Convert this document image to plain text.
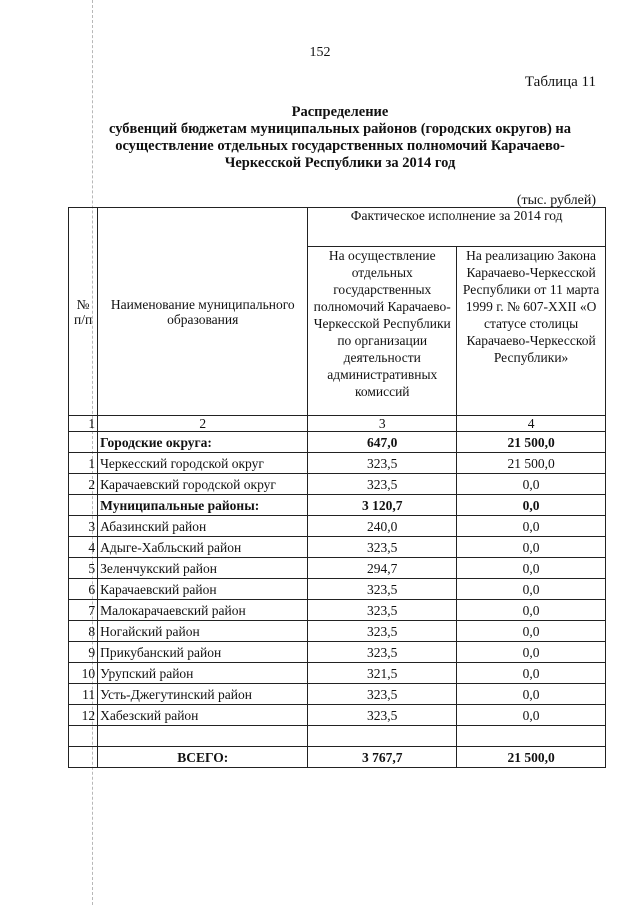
152
Таблица 11
Распределение
субвенций бюджетам муниципальных районов (городских округов) на
осуществление отдельных государственных полномочий Карачаево-
Черкесской Республики за 2014 год
(тыс. рублей)
№ п/п	Наименование муниципального образования	Фактическое исполнение за 2014 год	
		На осуществление отдельных государственных полномочий Карачаево-Черкесской Республики по организации деятельности административных комиссий	На реализацию Закона Карачаево-Черкесской Республики от 11 марта 1999 г. № 607-XXII «О статусе столицы Карачаево-Черкесской Республики»
1	2	3	4
	Городские округа:	647,0	21 500,0
1	Черкесский городской округ	323,5	21 500,0
2	Карачаевский городской округ	323,5	0,0
	Муниципальные районы:	3 120,7	0,0
3	Абазинский район	240,0	0,0
4	Адыге-Хабльский район	323,5	0,0
5	Зеленчукский район	294,7	0,0
6	Карачаевский район	323,5	0,0
7	Малокарачаевский район	323,5	0,0
8	Ногайский район	323,5	0,0
9	Прикубанский район	323,5	0,0
10	Урупский район	321,5	0,0
11	Усть-Джегутинский район	323,5	0,0
12	Хабезский район	323,5	0,0

	ВСЕГО:	3 767,7	21 500,0
